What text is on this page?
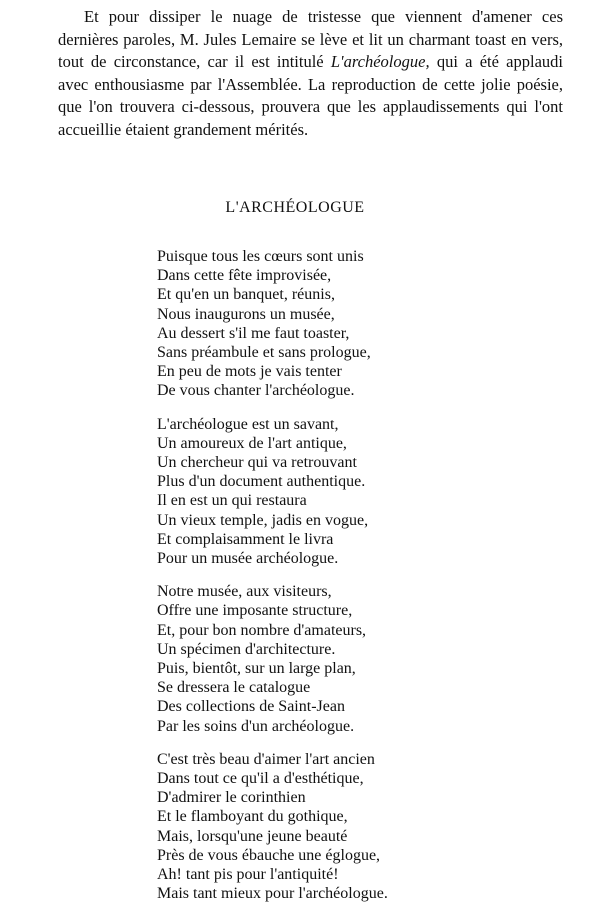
Et pour dissiper le nuage de tristesse que viennent d'amener ces dernières paroles, M. Jules Lemaire se lève et lit un charmant toast en vers, tout de circonstance, car il est intitulé L'archéologue, qui a été applaudi avec enthousiasme par l'Assemblée. La reproduction de cette jolie poésie, que l'on trouvera ci-dessous, prouvera que les applaudissements qui l'ont accueillie étaient grandement mérités.

L'ARCHÉOLOGUE
Puisque tous les cœurs sont unis
Dans cette fête improvisée,
Et qu'en un banquet, réunis,
Nous inaugurons un musée,
Au dessert s'il me faut toaster,
Sans préambule et sans prologue,
En peu de mots je vais tenter
De vous chanter l'archéologue.
L'archéologue est un savant,
Un amoureux de l'art antique,
Un chercheur qui va retrouvant
Plus d'un document authentique.
Il en est un qui restaura
Un vieux temple, jadis en vogue,
Et complaisamment le livra
Pour un musée archéologue.
Notre musée, aux visiteurs,
Offre une imposante structure,
Et, pour bon nombre d'amateurs,
Un spécimen d'architecture.
Puis, bientôt, sur un large plan,
Se dressera le catalogue
Des collections de Saint-Jean
Par les soins d'un archéologue.
C'est très beau d'aimer l'art ancien
Dans tout ce qu'il a d'esthétique,
D'admirer le corinthien
Et le flamboyant du gothique,
Mais, lorsqu'une jeune beauté
Près de vous ébauche une églogue,
Ah! tant pis pour l'antiquité!
Mais tant mieux pour l'archéologue.
